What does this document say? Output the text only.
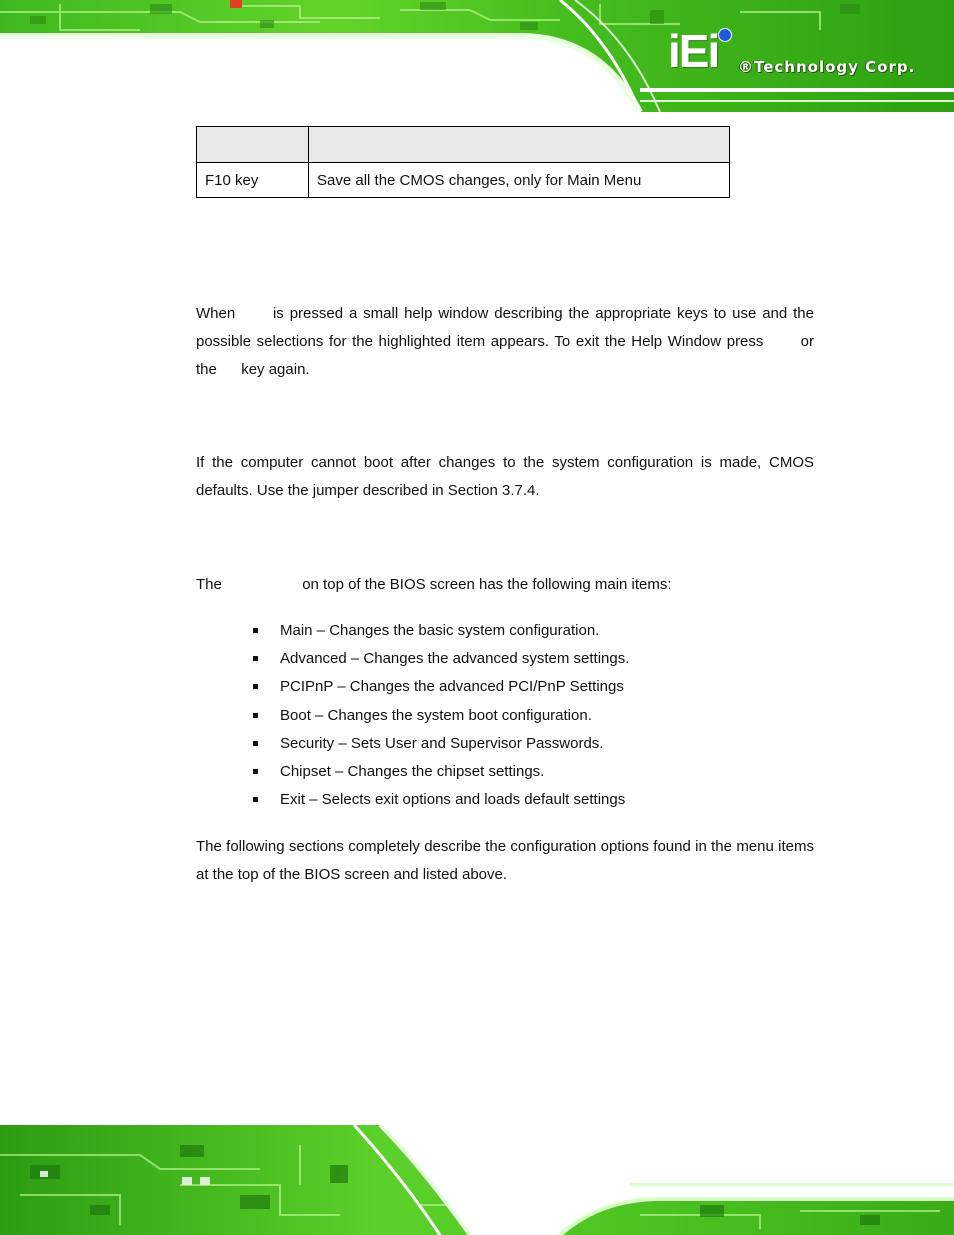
iEi ®Technology Corp.

F10 key	Save all the CMOS changes, only for Main Menu

When	is pressed a small help window describing the appropriate keys to use and the possible selections for the highlighted item appears. To exit the Help Window press or the key again.

If the computer cannot boot after changes to the system configuration is made, CMOS defaults. Use the jumper described in Section 3.7.4.

The	on top of the BIOS screen has the following main items:

Main – Changes the basic system configuration.
Advanced – Changes the advanced system settings.
PCIPnP – Changes the advanced PCI/PnP Settings
Boot – Changes the system boot configuration.
Security – Sets User and Supervisor Passwords.
Chipset – Changes the chipset settings.
Exit – Selects exit options and loads default settings

The following sections completely describe the configuration options found in the menu items at the top of the BIOS screen and listed above.
